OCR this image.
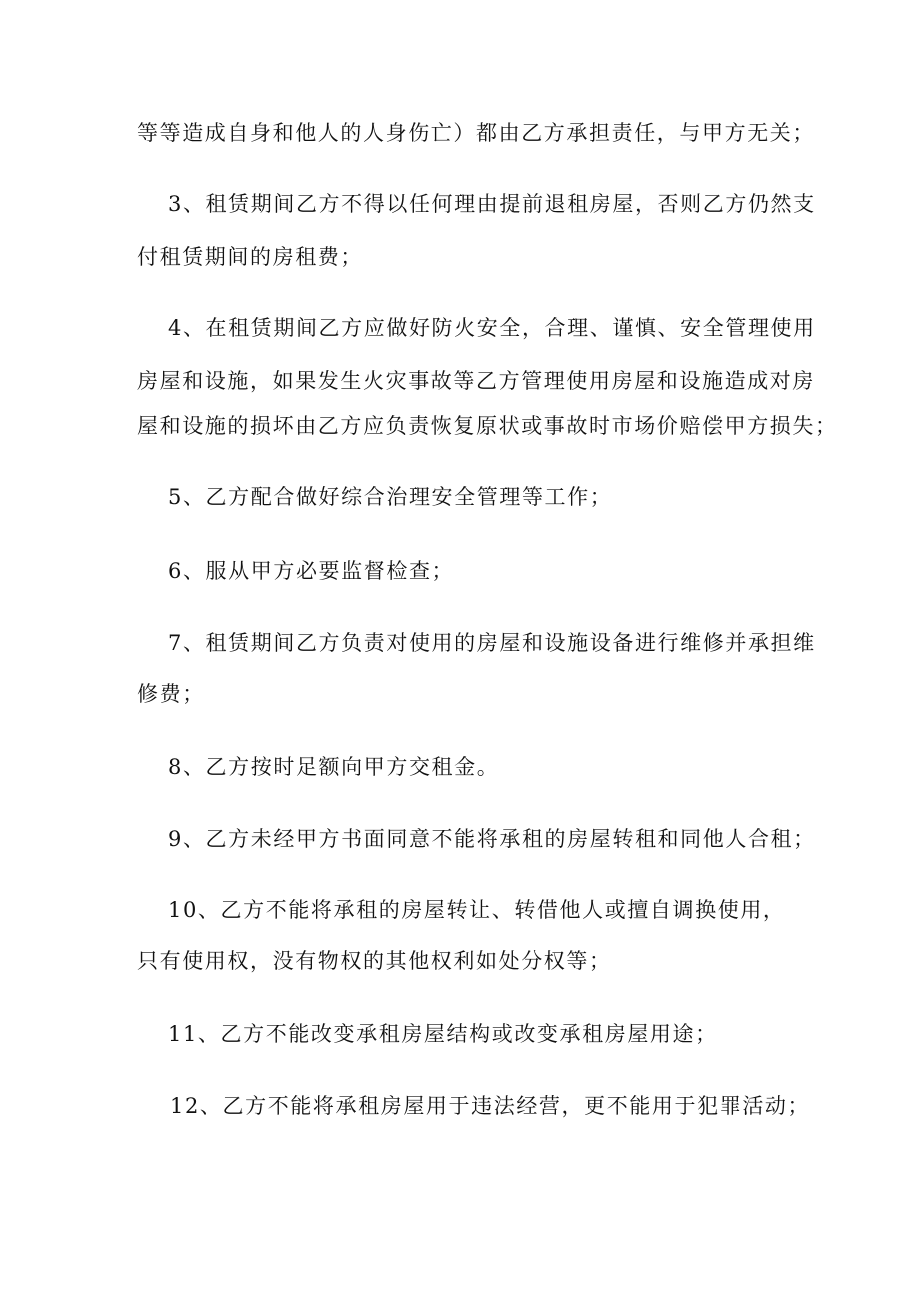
等等造成自身和他人的人身伤亡）都由乙方承担责任，与甲方无关；
3、租赁期间乙方不得以任何理由提前退租房屋，否则乙方仍然支
付租赁期间的房租费；
4、在租赁期间乙方应做好防火安全，合理、谨慎、安全管理使用
房屋和设施，如果发生火灾事故等乙方管理使用房屋和设施造成对房
屋和设施的损坏由乙方应负责恢复原状或事故时市场价赔偿甲方损失；
5、乙方配合做好综合治理安全管理等工作；
6、服从甲方必要监督检查；
7、租赁期间乙方负责对使用的房屋和设施设备进行维修并承担维
修费；
8、乙方按时足额向甲方交租金。
9、乙方未经甲方书面同意不能将承租的房屋转租和同他人合租；
10、乙方不能将承租的房屋转让、转借他人或擅自调换使用，
只有使用权，没有物权的其他权利如处分权等；
11、乙方不能改变承租房屋结构或改变承租房屋用途；
12、乙方不能将承租房屋用于违法经营，更不能用于犯罪活动；
